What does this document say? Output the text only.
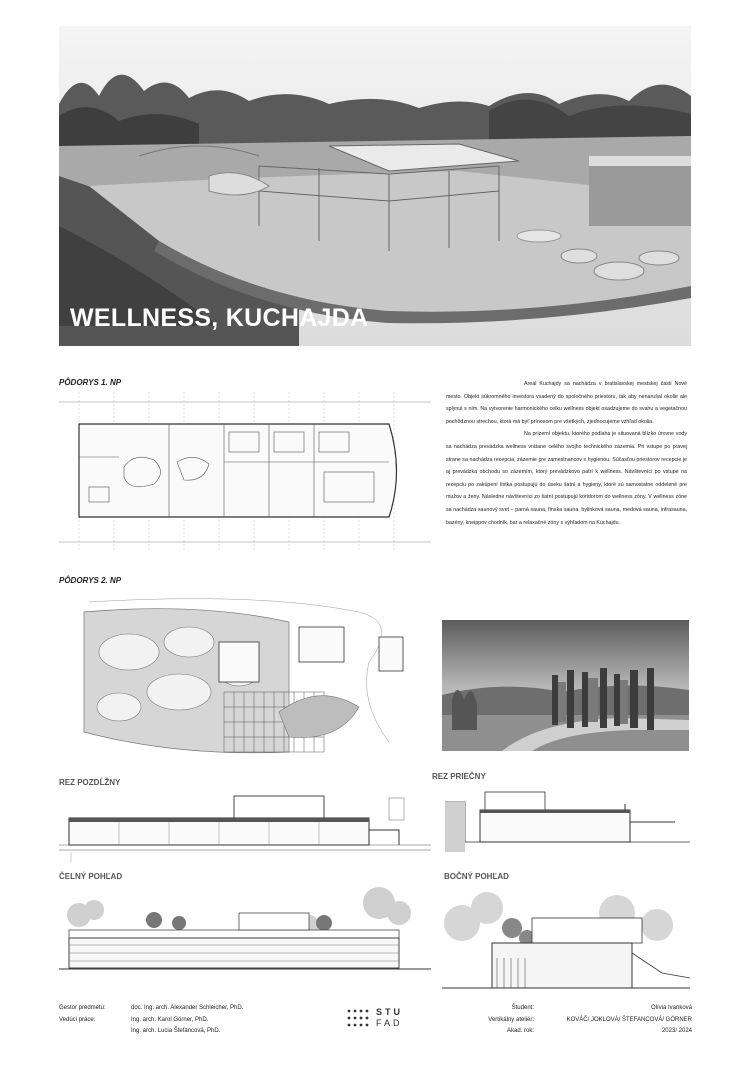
WELLNESS, KUCHAJDA
PÔDORYS 1. NP
PÔDORYS 2. NP

Areál Kuchajdy sa nachádza v bratislavskej mestskej časti Nové mesto. Objekt súkromného investora vsadený do spoločného priestoru, tak aby nenarušal okolie ale splynul s ním. Na vytvorenie harmonického celku wellness objekt osadzujeme do svahu a vegetačnou pochôdznou strechou, ktorá má byť prínosom pre všetkých, zjednocujeme vzhľad okolia.

Na prízemí objektu, ktorého podlaha je situovaná blízko úrovne vody sa nachádza prevádzka wellness vrátane celého svojho technického zázemia. Pri vstupe po pravej strane sa nachádza recepcia, zázemie pre zamestnancov s hygienou. Súčasťou priestorov recepcie je aj prevádzka obchodu so zázemím, ktorý prevádzkovo patrí k wellness. Návštevníci po vstupe na recepciu po zakúpení lístka postupujú do úseku šatní a hygieny, ktoré sú samostatne oddelené pre mužov a ženy. Následne návštevníci zo šatní postupujú koridorom do wellness zóny. V wellness zóne sa nachádza saunový svet – parná sauna, fínska sauna, bylinková sauna, medová sauna, infrasauna, bazény, kneippov chodník, bar a relaxačné zóny s výhľadom na Kuchajdu.

REZ POZDĹŽNY
REZ PRIEČNY
ČELNÝ POHĽAD	BOČNÝ POHĽAD
Gestor predmetu:
Vedúci práce:
doc. Ing. arch. Alexander Schleicher, PhD.
Ing. arch. Karol Görner, PhD.
Ing. arch. Lucia Štefancová, PhD.
STU
FAD
Študent:
Vertikálny ateliér:
Akad. rok:
Olívia Ivanková
KOVÁČ/ JOKLOVÁ/ ŠTEFANCOVÁ/ GÖRNER
2023/ 2024
